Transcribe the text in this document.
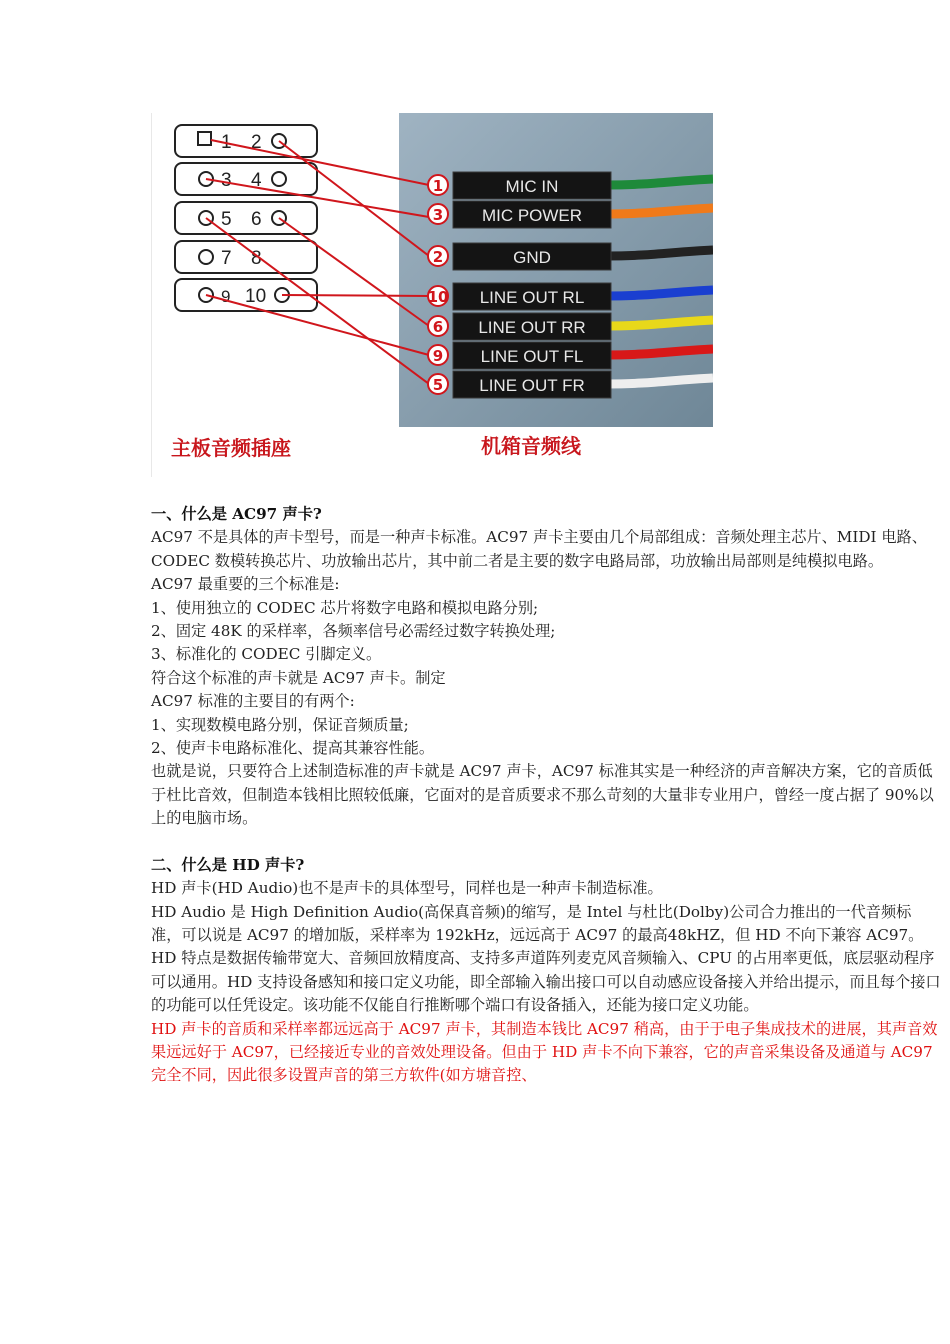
1 2
3 4
5 6
7 8
9 10
MIC IN
MIC POWER
GND
LINE OUT RL
LINE OUT RR
LINE OUT FL
LINE OUT FR
1
3
2
10
6
9
5
主板音频插座	机箱音频线

一、什么是 AC97 声卡?

AC97 不是具体的声卡型号，而是一种声卡标准。AC97 声卡主要由几个局部组成：音频处理主芯片、MIDI 电路、CODEC 数模转换芯片、功放输出芯片，其中前二者是主要的数字电路局部，功放输出局部则是纯模拟电路。

AC97 最重要的三个标准是:

1、使用独立的 CODEC 芯片将数字电路和模拟电路分别;

2、固定 48K 的采样率，各频率信号必需经过数字转换处理;

3、标准化的 CODEC 引脚定义。

符合这个标准的声卡就是 AC97 声卡。制定 AC97 标准的主要目的有两个:

1、实现数模电路分别，保证音频质量;

2、使声卡电路标准化、提高其兼容性能。

也就是说，只要符合上述制造标准的声卡就是 AC97 声卡，AC97 标准其实是一种经济的声音解决方案，它的音质低于杜比音效，但制造本钱相比照较低廉，它面对的是音质要求不那么苛刻的大量非专业用户，曾经一度占据了 90%以上的电脑市场。

二、什么是 HD 声卡?

HD 声卡(HD Audio)也不是声卡的具体型号，同样也是一种声卡制造标准。

HD Audio 是 High Definition Audio(高保真音频)的缩写，是 Intel 与杜比(Dolby)公司合力推出的一代音频标准，可以说是 AC97 的增加版，采样率为 192kHz，远远高于 AC97 的最高48kHZ，但 HD 不向下兼容 AC97。HD 特点是数据传输带宽大、音频回放精度高、支持多声道阵列麦克风音频输入、CPU 的占用率更低，底层驱动程序可以通用。HD 支持设备感知和接口定义功能，即全部输入输出接口可以自动感应设备接入并给出提示，而且每个接口的功能可以任凭设定。该功能不仅能自行推断哪个端口有设备插入，还能为接口定义功能。

HD 声卡的音质和采样率都远远高于 AC97 声卡，其制造本钱比 AC97 稍高，由于于电子集成技术的进展，其声音效果远远好于 AC97，已经接近专业的音效处理设备。但由于 HD 声卡不向下兼容，它的声音采集设备及通道与 AC97 完全不同，因此很多设置声音的第三方软件(如方塘音控、
